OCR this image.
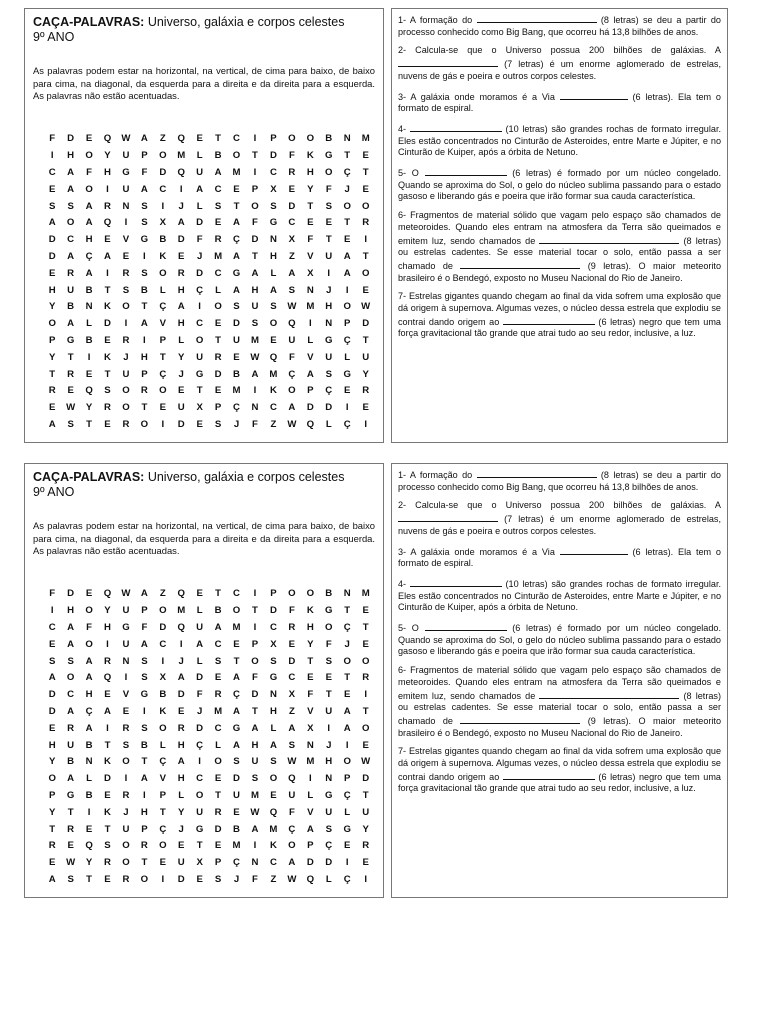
CAÇA-PALAVRAS: Universo, galáxia e corpos celestes
9º ANO
As palavras podem estar na horizontal, na vertical, de cima para baixo, de baixo para cima, na diagonal, da esquerda para a direita e da direita para a esquerda. As palavras não estão acentuadas.
F	D	E	Q	W	A	Z	Q	E	T	C	I	P	O	O	B	N	M
I	H	O	Y	U	P	O	M	L	B	O	T	D	F	K	G	T	E
C	A	F	H	G	F	D	Q	U	A	M	I	C	R	H	O	Ç	T
E	A	O	I	U	A	C	I	A	C	E	P	X	E	Y	F	J	E
S	S	A	R	N	S	I	J	L	S	T	O	S	D	T	S	O	O
A	O	A	Q	I	S	X	A	D	E	A	F	G	C	E	E	T	R
D	C	H	E	V	G	B	D	F	R	Ç	D	N	X	F	T	E	I
D	A	Ç	A	E	I	K	E	J	M	A	T	H	Z	V	U	A	T
E	R	A	I	R	S	O	R	D	C	G	A	L	A	X	I	A	O
H	U	B	T	S	B	L	H	Ç	L	A	H	A	S	N	J	I	E
Y	B	N	K	O	T	Ç	A	I	O	S	U	S	W	M	H	O	W
O	A	L	D	I	A	V	H	C	E	D	S	O	Q	I	N	P	D
P	G	B	E	R	I	P	L	O	T	U	M	E	U	L	G	Ç	T
Y	T	I	K	J	H	T	Y	U	R	E	W	Q	F	V	U	L	U
T	R	E	T	U	P	Ç	J	G	D	B	A	M	Ç	A	S	G	Y
R	E	Q	S	O	R	O	E	T	E	M	I	K	O	P	Ç	E	R
E	W	Y	R	O	T	E	U	X	P	Ç	N	C	A	D	D	I	E
A	S	T	E	R	O	I	D	E	S	J	F	Z	W	Q	L	Ç	I
1- A formação do	(8 letras) se deu a partir do processo conhecido como Big Bang, que ocorreu há 13,8 bilhões de anos.
2- Calcula-se que o Universo possua 200 bilhões de galáxias. A  (7 letras) é um enorme aglomerado de estrelas, nuvens de gás e poeira e outros corpos celestes.
3- A galáxia onde moramos é a Via	(6 letras). Ela tem o formato de espiral.
4-	(10 letras) são grandes rochas de formato irregular. Eles estão concentrados no Cinturão de Asteroides, entre Marte e Júpiter, e no Cinturão de Kuiper, após a órbita de Netuno.
5- O	(6 letras) é formado por um núcleo congelado. Quando se aproxima do Sol, o gelo do núcleo sublima passando para o estado gasoso e liberando gás e poeira que irão formar sua cauda característica.
6- Fragmentos de material sólido que vagam pelo espaço são chamados de meteoroides. Quando eles entram na atmosfera da Terra são queimados e emitem luz, sendo chamados de	(8 letras) ou estrelas cadentes. Se esse material tocar o solo, então passa a ser chamado de	(9 letras). O maior meteorito brasileiro é o Bendegó, exposto no Museu Nacional do Rio de Janeiro.
7- Estrelas gigantes quando chegam ao final da vida sofrem uma explosão que dá origem à supernova. Algumas vezes, o núcleo dessa estrela que explodiu se contrai dando origem ao	(6 letras) negro que tem uma força gravitacional tão grande que atrai tudo ao seu redor, inclusive, a luz.
CAÇA-PALAVRAS: Universo, galáxia e corpos celestes
9º ANO
As palavras podem estar na horizontal, na vertical, de cima para baixo, de baixo para cima, na diagonal, da esquerda para a direita e da direita para a esquerda. As palavras não estão acentuadas.
F	D	E	Q	W	A	Z	Q	E	T	C	I	P	O	O	B	N	M
I	H	O	Y	U	P	O	M	L	B	O	T	D	F	K	G	T	E
C	A	F	H	G	F	D	Q	U	A	M	I	C	R	H	O	Ç	T
E	A	O	I	U	A	C	I	A	C	E	P	X	E	Y	F	J	E
S	S	A	R	N	S	I	J	L	S	T	O	S	D	T	S	O	O
A	O	A	Q	I	S	X	A	D	E	A	F	G	C	E	E	T	R
D	C	H	E	V	G	B	D	F	R	Ç	D	N	X	F	T	E	I
D	A	Ç	A	E	I	K	E	J	M	A	T	H	Z	V	U	A	T
E	R	A	I	R	S	O	R	D	C	G	A	L	A	X	I	A	O
H	U	B	T	S	B	L	H	Ç	L	A	H	A	S	N	J	I	E
Y	B	N	K	O	T	Ç	A	I	O	S	U	S	W	M	H	O	W
O	A	L	D	I	A	V	H	C	E	D	S	O	Q	I	N	P	D
P	G	B	E	R	I	P	L	O	T	U	M	E	U	L	G	Ç	T
Y	T	I	K	J	H	T	Y	U	R	E	W	Q	F	V	U	L	U
T	R	E	T	U	P	Ç	J	G	D	B	A	M	Ç	A	S	G	Y
R	E	Q	S	O	R	O	E	T	E	M	I	K	O	P	Ç	E	R
E	W	Y	R	O	T	E	U	X	P	Ç	N	C	A	D	D	I	E
A	S	T	E	R	O	I	D	E	S	J	F	Z	W	Q	L	Ç	I
1- A formação do	(8 letras) se deu a partir do processo conhecido como Big Bang, que ocorreu há 13,8 bilhões de anos.
2- Calcula-se que o Universo possua 200 bilhões de galáxias. A  (7 letras) é um enorme aglomerado de estrelas, nuvens de gás e poeira e outros corpos celestes.
3- A galáxia onde moramos é a Via	(6 letras). Ela tem o formato de espiral.
4-	(10 letras) são grandes rochas de formato irregular. Eles estão concentrados no Cinturão de Asteroides, entre Marte e Júpiter, e no Cinturão de Kuiper, após a órbita de Netuno.
5- O	(6 letras) é formado por um núcleo congelado. Quando se aproxima do Sol, o gelo do núcleo sublima passando para o estado gasoso e liberando gás e poeira que irão formar sua cauda característica.
6- Fragmentos de material sólido que vagam pelo espaço são chamados de meteoroides. Quando eles entram na atmosfera da Terra são queimados e emitem luz, sendo chamados de	(8 letras) ou estrelas cadentes. Se esse material tocar o solo, então passa a ser chamado de	(9 letras). O maior meteorito brasileiro é o Bendegó, exposto no Museu Nacional do Rio de Janeiro.
7- Estrelas gigantes quando chegam ao final da vida sofrem uma explosão que dá origem à supernova. Algumas vezes, o núcleo dessa estrela que explodiu se contrai dando origem ao	(6 letras) negro que tem uma força gravitacional tão grande que atrai tudo ao seu redor, inclusive, a luz.
